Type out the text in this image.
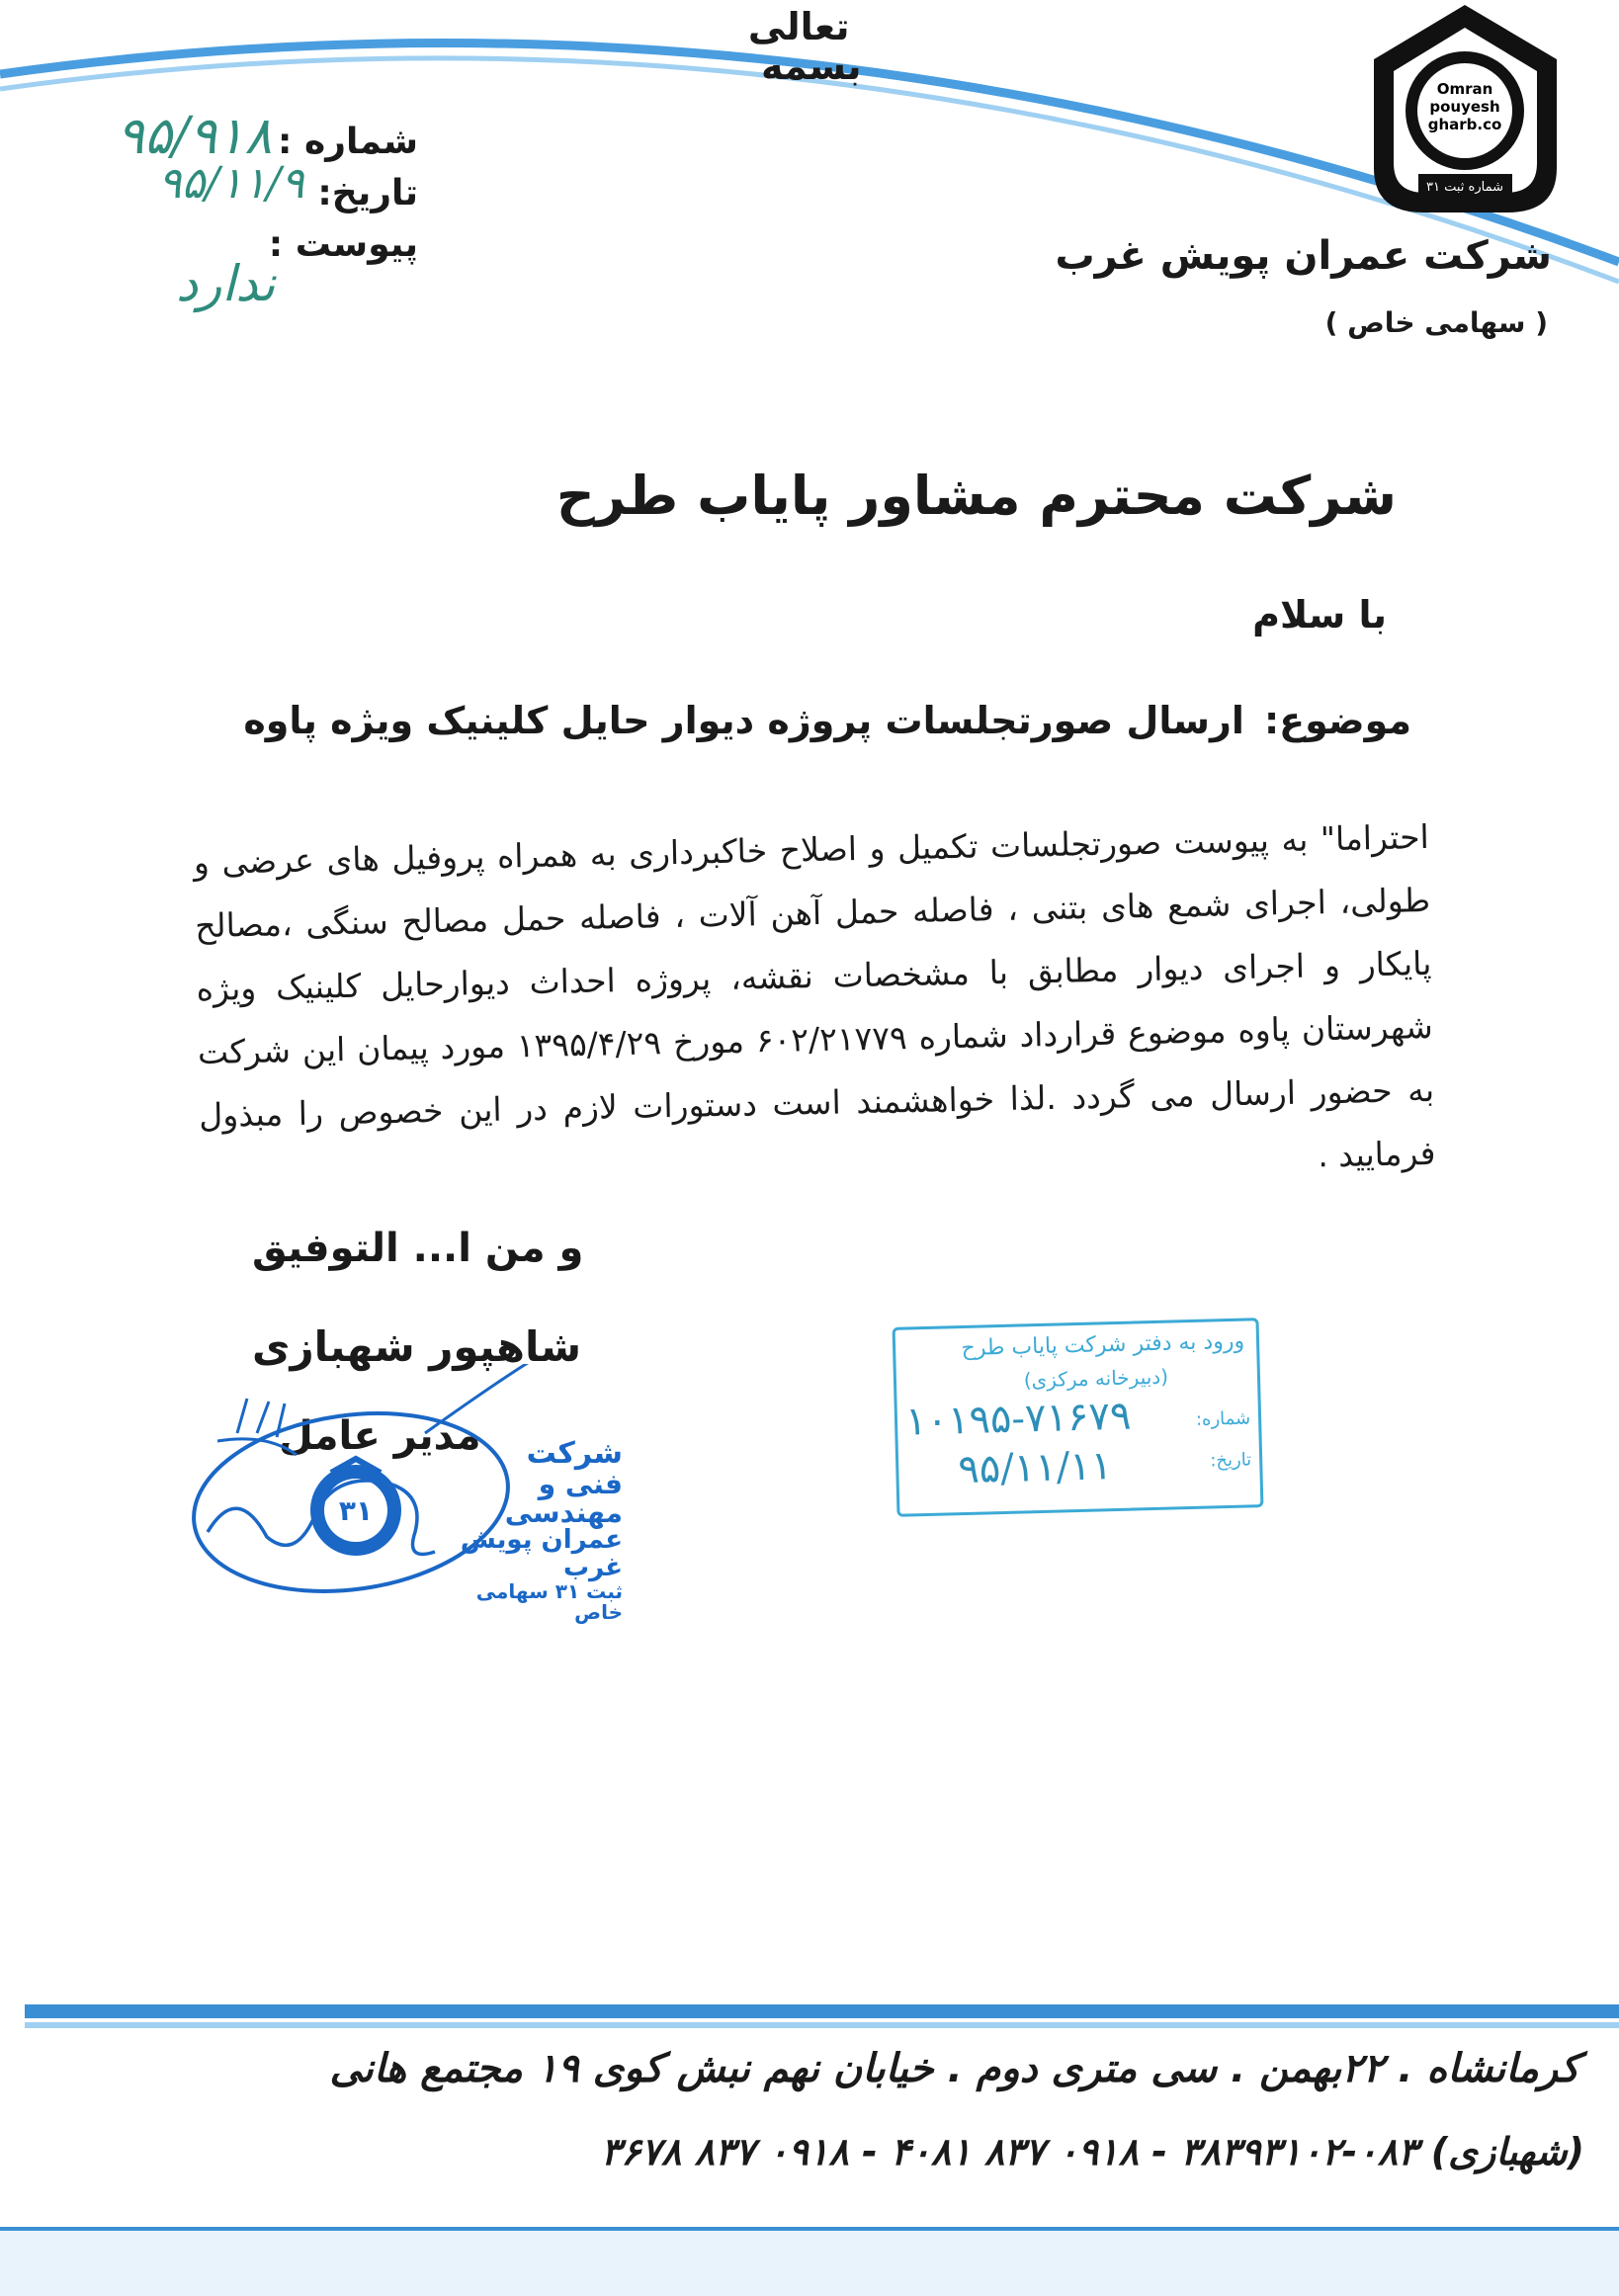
تعالی
بسمه
شماره :
تاریخ:
پیوست :
۹۵/۹۱۸
۹۵/۱۱/۹
ندارد
Omran
pouyesh
gharb.co
شماره ثبت ۳۱
شرکت عمران پویش غرب
( سهامی خاص )
شرکت محترم مشاور پایاب طرح
با سلام
موضوع:ارسال صورتجلسات پروژه دیوار حایل کلینیک ویژه پاوه
احتراما" به پیوست صورتجلسات تکمیل و اصلاح خاکبرداری به همراه پروفیل های عرضی و طولی، اجرای شمع های بتنی ، فاصله حمل آهن آلات ، فاصله حمل مصالح سنگی ،مصالح پایکار و اجرای دیوار مطابق با مشخصات نقشه، پروژه احداث دیوارحایل کلینیک ویژه شهرستان پاوه موضوع قرارداد شماره ۶۰۲/۲۱۷۷۹ مورخ ۱۳۹۵/۴/۲۹ مورد پیمان این شرکت به حضور ارسال می گردد .لذا خواهشمند است دستورات لازم در این خصوص را مبذول فرمایید .
و من ا... التوفیق
شاهپور شهبازی
مدیر عامل
۳۱
شرکت
فنی و مهندسی
عمران پویش غرب
ثبت ۳۱ سهامی خاص
ورود به دفتر شرکت پایاب طرح
(دبیرخانه مرکزی)
شماره:
تاریخ:
۱۰۱۹۵-۷۱۶۷۹
۹۵/۱۱/۱۱
کرمانشاه . ۲۲بهمن . سی متری دوم . خیابان نهم نبش کوی ۱۹ مجتمع هانی
(شهبازی) ۰۸۳-۳۸۳۹۳۱۰۲ - ۰۹۱۸ ۸۳۷ ۴۰۸۱ - ۰۹۱۸ ۸۳۷ ۳۶۷۸
